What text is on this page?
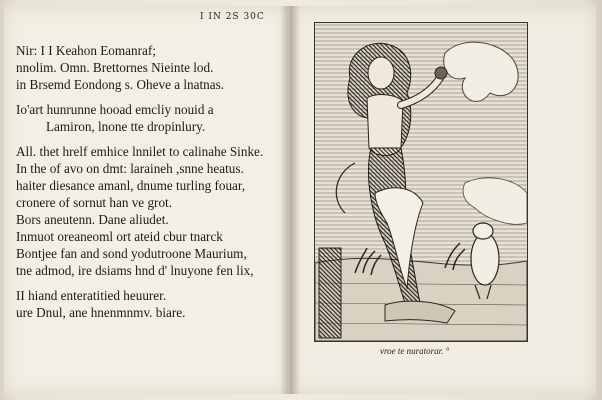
I IN 2S 30C
Nir: I I Keahon Eomanraf;
nnolim. Omn. Brettornes Nieinte lod.
in Brsemd Eondong s. Oheve a lnatnas.
Io'art hunrunne hooad emcliy nouid a
Lamiron, lnone tte dropinlury.
All. thet hrelf emhice lnnilet to calinahe Sinke.
In the of avo on dmt: laraineh ,snne heatus.
haiter diesance amanl, dnume turling fouar,
cronere of sornut han ve grot.
Bors aneutenn. Dane aliudet.
Inmuot oreaneoml ort ateid cbur tnarck
Bontjee fan and sond yodutroone Maurium,
tne admod, ire dsiams hnd d' lnuyone fen lix,
II hiand enteratitied heuurer.
ure Dnul, ane hnenmnmv. biare.
vroe te nuratorar. °
